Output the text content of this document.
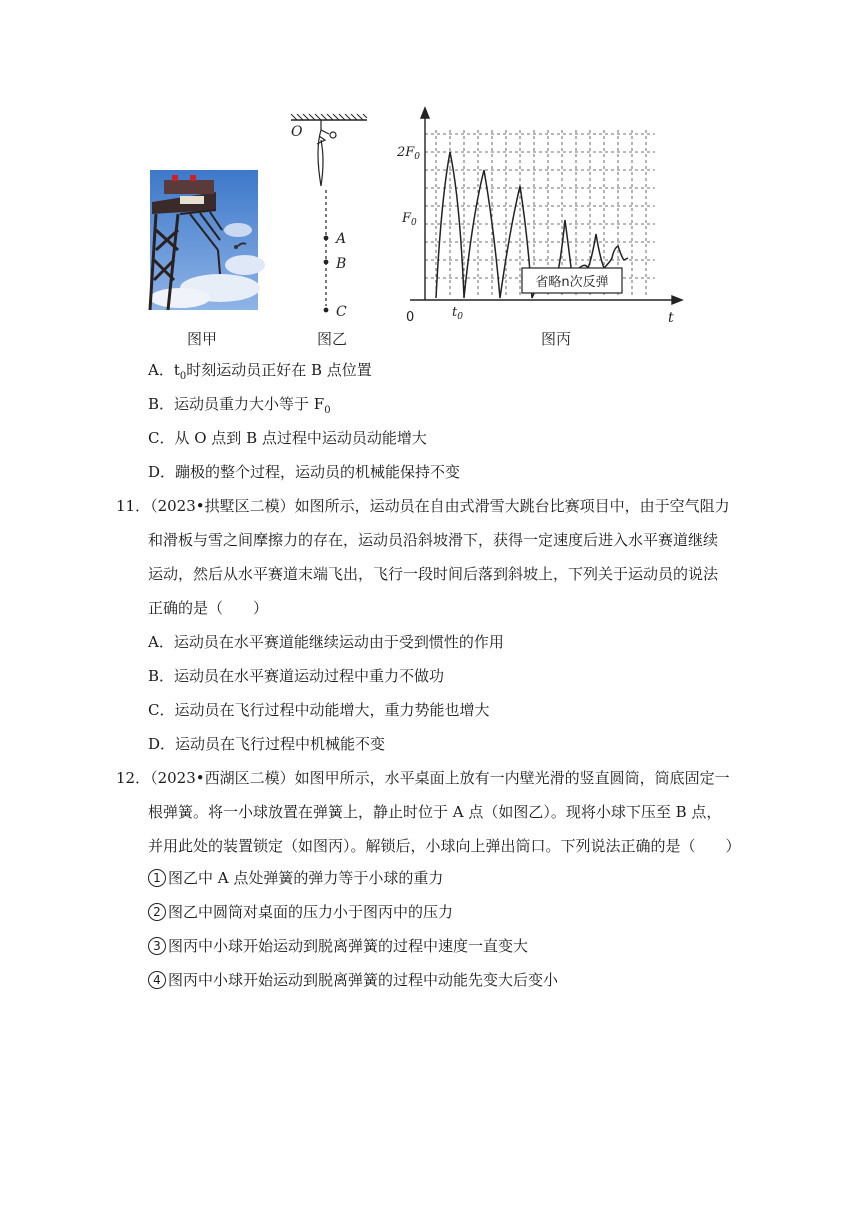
图甲
O
A
B
C
图乙
省略n次反弹
$2F_0$
$F_0$
0	$t_0$	t
图丙
A．$t_0$时刻运动员正好在 B 点位置
B．运动员重力大小等于 $F_0$
C．从 O 点到 B 点过程中运动员动能增大
D．蹦极的整个过程，运动员的机械能保持不变
11．（2023•拱墅区二模）如图所示，运动员在自由式滑雪大跳台比赛项目中，由于空气阻力
和滑板与雪之间摩擦力的存在，运动员沿斜坡滑下，获得一定速度后进入水平赛道继续
运动，然后从水平赛道末端飞出，飞行一段时间后落到斜坡上，下列关于运动员的说法
正确的是（　　）
A．运动员在水平赛道能继续运动由于受到惯性的作用
B．运动员在水平赛道运动过程中重力不做功
C．运动员在飞行过程中动能增大，重力势能也增大
D．运动员在飞行过程中机械能不变
12．（2023•西湖区二模）如图甲所示，水平桌面上放有一内壁光滑的竖直圆筒，筒底固定一
根弹簧。将一小球放置在弹簧上，静止时位于 A 点（如图乙）。现将小球下压至 B 点，
并用此处的装置锁定（如图丙）。解锁后，小球向上弹出筒口。下列说法正确的是（　　）
1 图乙中 A 点处弹簧的弹力等于小球的重力
2 图乙中圆筒对桌面的压力小于图丙中的压力
3 图丙中小球开始运动到脱离弹簧的过程中速度一直变大
4 图丙中小球开始运动到脱离弹簧的过程中动能先变大后变小
